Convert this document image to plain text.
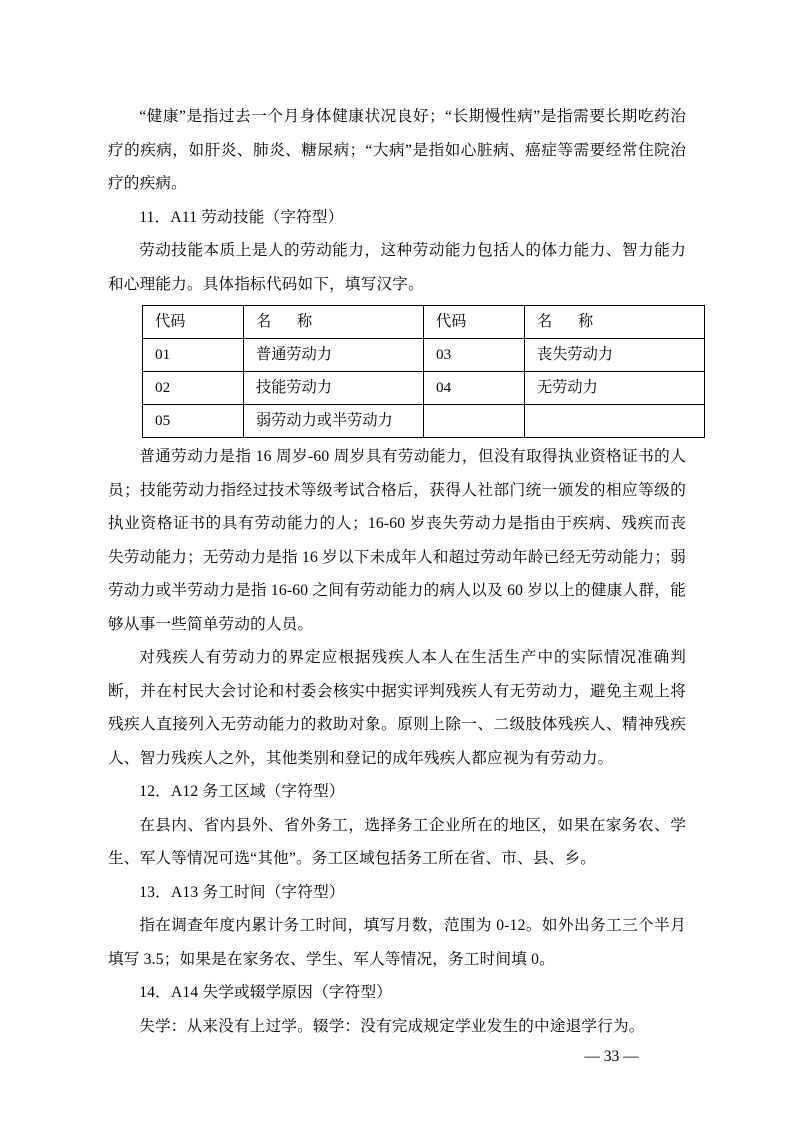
“健康”是指过去一个月身体健康状况良好；“长期慢性病”是指需要长期吃药治疗的疾病，如肝炎、肺炎、糖尿病；“大病”是指如心脏病、癌症等需要经常住院治疗的疾病。

11．A11 劳动技能（字符型）

劳动技能本质上是人的劳动能力，这种劳动能力包括人的体力能力、智力能力和心理能力。具体指标代码如下，填写汉字。

代码	名　称	代码	名　称
01	普通劳动力	03	丧失劳动力
02	技能劳动力	04	无劳动力
05	弱劳动力或半劳动力		

普通劳动力是指 16 周岁-60 周岁具有劳动能力，但没有取得执业资格证书的人员；技能劳动力指经过技术等级考试合格后，获得人社部门统一颁发的相应等级的执业资格证书的具有劳动能力的人；16-60 岁丧失劳动力是指由于疾病、残疾而丧失劳动能力；无劳动力是指 16 岁以下未成年人和超过劳动年龄已经无劳动能力；弱劳动力或半劳动力是指 16-60 之间有劳动能力的病人以及 60 岁以上的健康人群，能够从事一些简单劳动的人员。

对残疾人有劳动力的界定应根据残疾人本人在生活生产中的实际情况准确判断，并在村民大会讨论和村委会核实中据实评判残疾人有无劳动力，避免主观上将残疾人直接列入无劳动能力的救助对象。原则上除一、二级肢体残疾人、精神残疾人、智力残疾人之外，其他类别和登记的成年残疾人都应视为有劳动力。

12．A12 务工区域（字符型）

在县内、省内县外、省外务工，选择务工企业所在的地区，如果在家务农、学生、军人等情况可选“其他”。务工区域包括务工所在省、市、县、乡。

13．A13 务工时间（字符型）

指在调查年度内累计务工时间，填写月数，范围为 0-12。如外出务工三个半月填写 3.5；如果是在家务农、学生、军人等情况，务工时间填 0。

14．A14 失学或辍学原因（字符型）

失学：从来没有上过学。辍学：没有完成规定学业发生的中途退学行为。

— 33 —
